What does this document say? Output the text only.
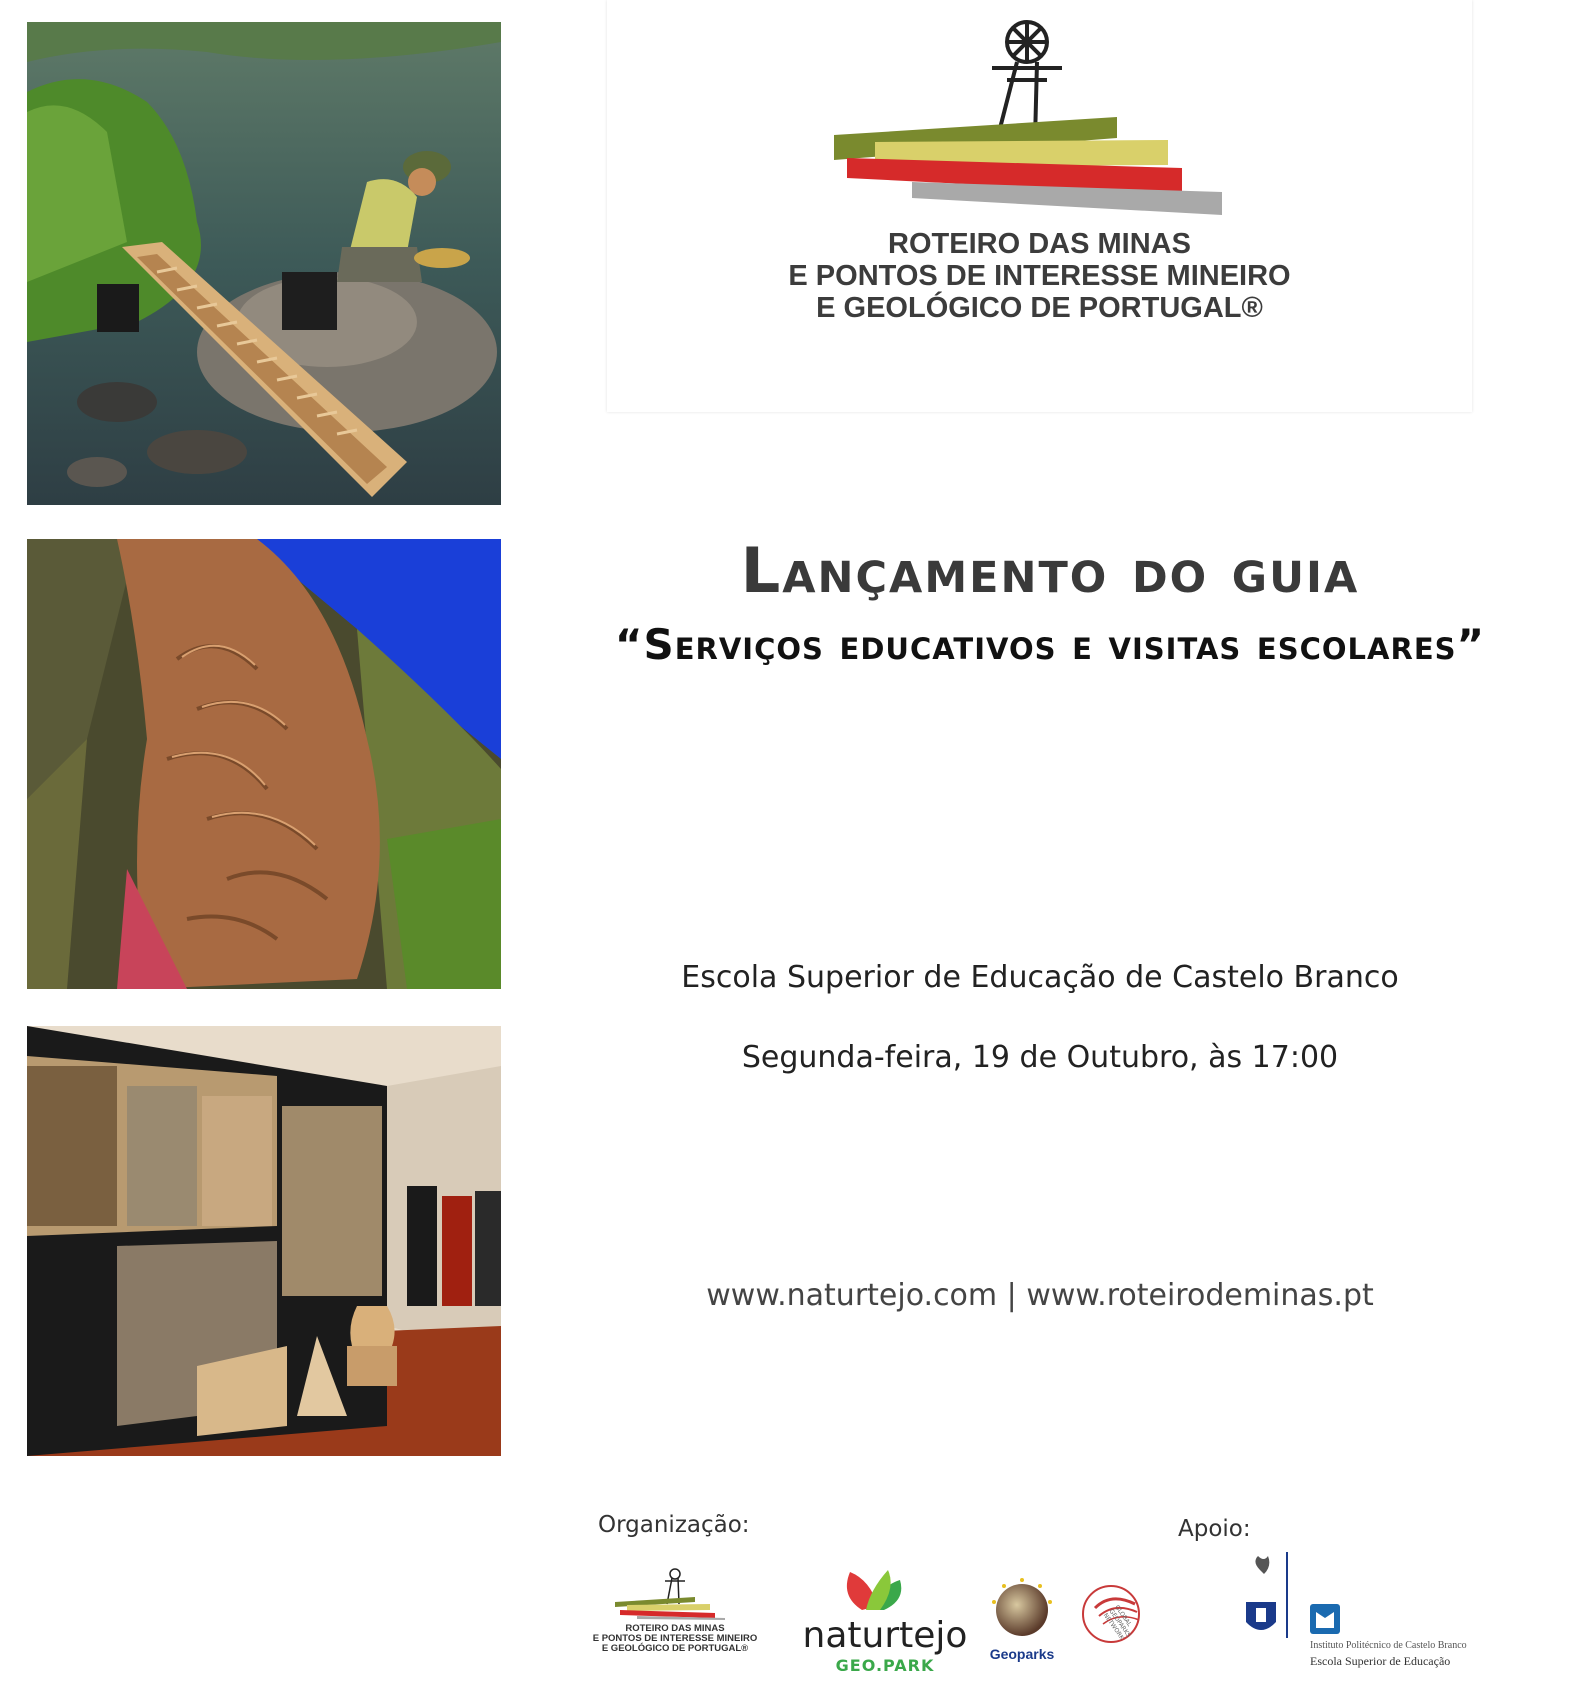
ROTEIRO DAS MINAS
E PONTOS DE INTERESSE MINEIRO
E GEOLÓGICO DE PORTUGAL®
Lançamento do guia
“Serviços educativos e visitas escolares”
Escola Superior de Educação de Castelo Branco
Segunda-feira, 19 de Outubro, às 17:00
www.naturtejo.com | www.roteirodeminas.pt
Organização:	Apoio:
ROTEIRO DAS MINAS
E PONTOS DE INTERESSE MINEIRO
E GEOLÓGICO DE PORTUGAL®	naturtejo
GEO.PARK
Geoparks
GLOBAL GEOPARKS NETWORK
Instituto Politécnico de Castelo Branco
Escola Superior de Educação
